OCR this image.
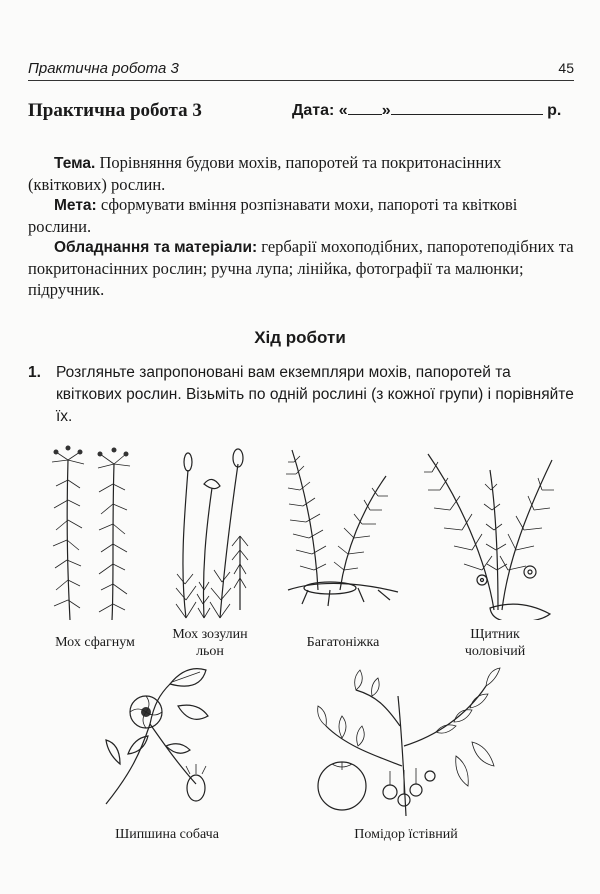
Практична робота 3	45
Практична робота 3	Дата: « »	р.
Тема. Порівняння будови мохів, папоротей та покритонасінних (квіткових) рослин.
Мета: сформувати вміння розпізнавати мохи, папороті та квіткові рослини.
Обладнання та матеріали: гербарії мохоподібних, папоротеподібних та покритонасінних рослин; ручна лупа; лінійка, фотографії та малюнки; підручник.
Хід роботи
1. Розгляньте запропоновані вам екземпляри мохів, папоротей та квіткових рослин. Візьміть по одній рослині (з кожної групи) і порівняйте їх.
Мох сфагнум
Мох зозулин
льон
Багатоніжка
Щитник
чоловічий
Шипшина собача	Помідор їстівний
